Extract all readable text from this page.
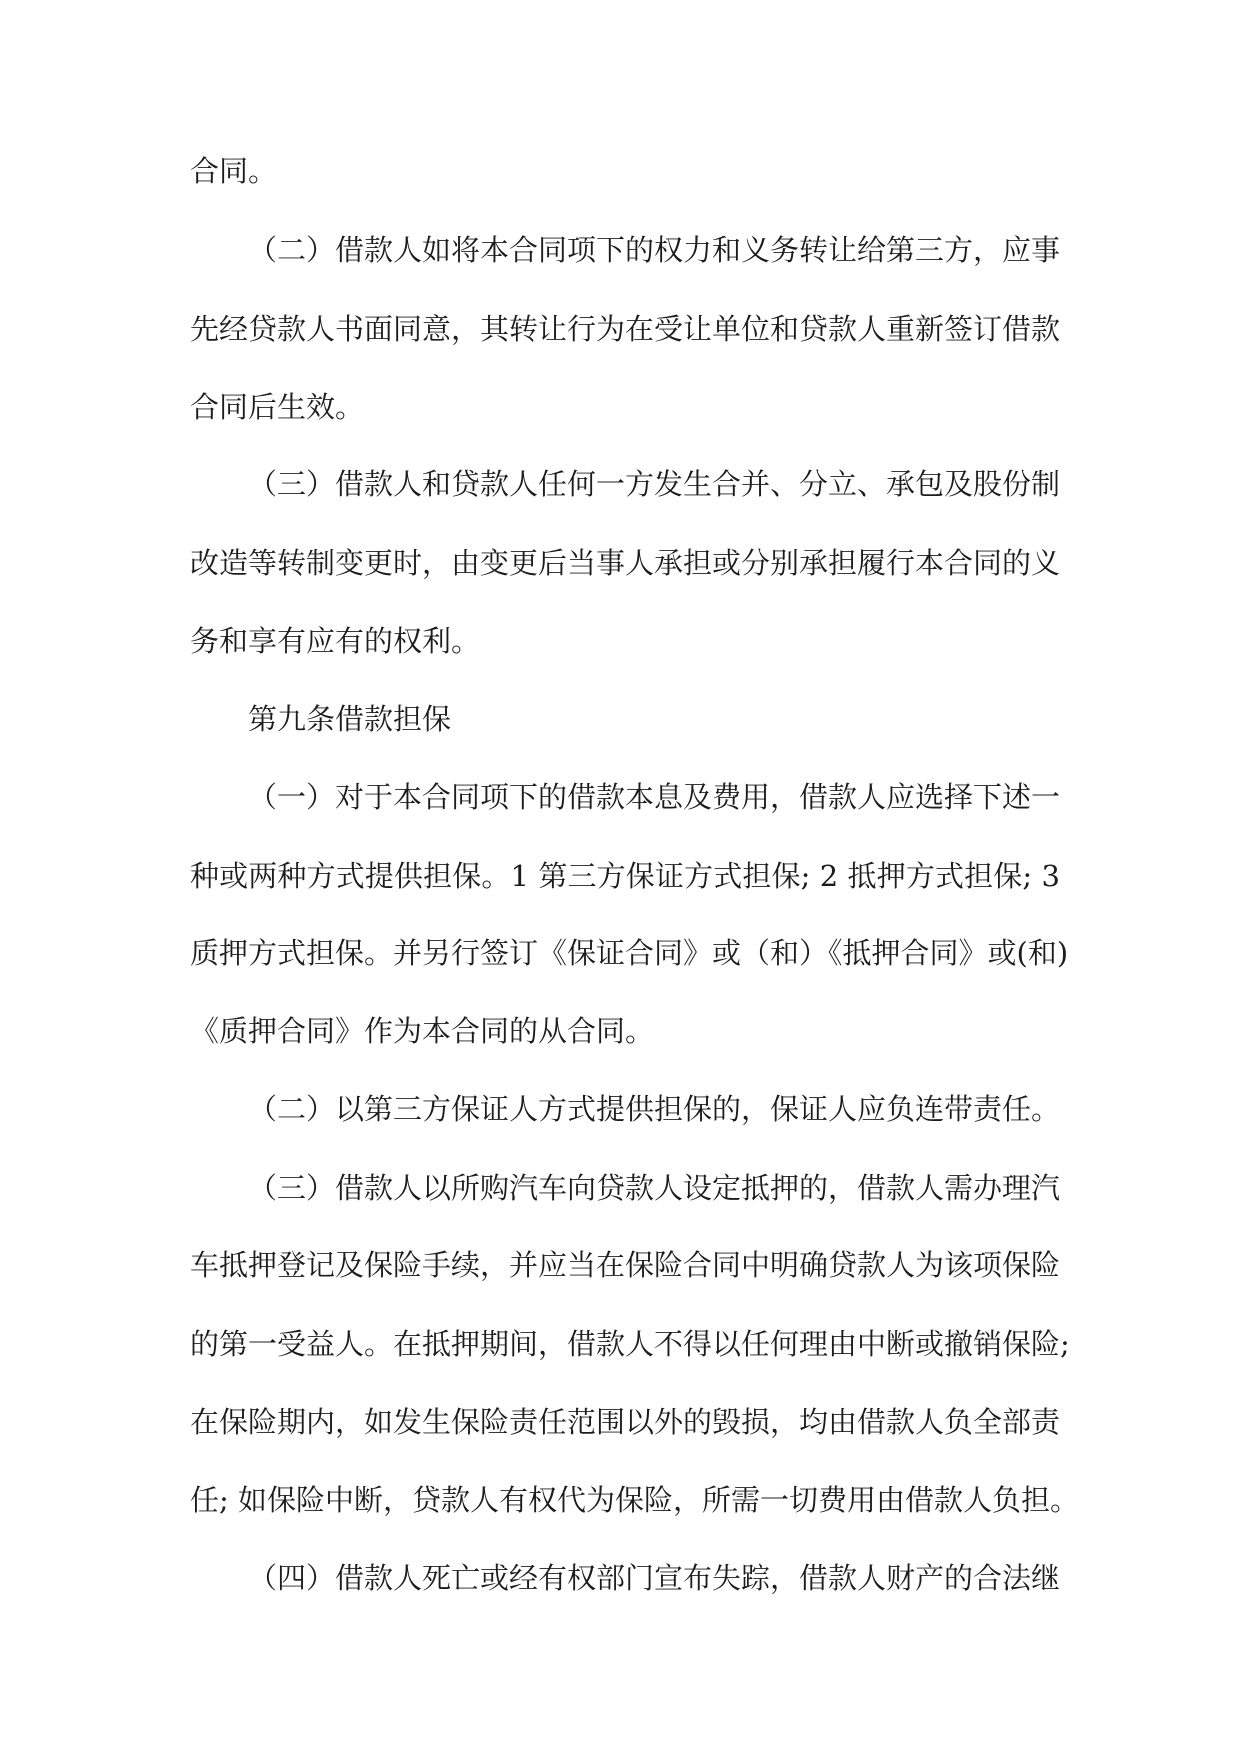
合同。

（二）借款人如将本合同项下的权力和义务转让给第三方，应事

先经贷款人书面同意，其转让行为在受让单位和贷款人重新签订借款

合同后生效。

（三）借款人和贷款人任何一方发生合并、分立、承包及股份制

改造等转制变更时，由变更后当事人承担或分别承担履行本合同的义

务和享有应有的权利。

第九条借款担保

（一）对于本合同项下的借款本息及费用，借款人应选择下述一

种或两种方式提供担保。1 第三方保证方式担保; 2 抵押方式担保; 3

质押方式担保。并另行签订《保证合同》或（和）《抵押合同》或(和)

《质押合同》作为本合同的从合同。

（二）以第三方保证人方式提供担保的，保证人应负连带责任。

（三）借款人以所购汽车向贷款人设定抵押的，借款人需办理汽

车抵押登记及保险手续，并应当在保险合同中明确贷款人为该项保险

的第一受益人。在抵押期间，借款人不得以任何理由中断或撤销保险;

在保险期内，如发生保险责任范围以外的毁损，均由借款人负全部责

任; 如保险中断，贷款人有权代为保险，所需一切费用由借款人负担。

（四）借款人死亡或经有权部门宣布失踪，借款人财产的合法继
